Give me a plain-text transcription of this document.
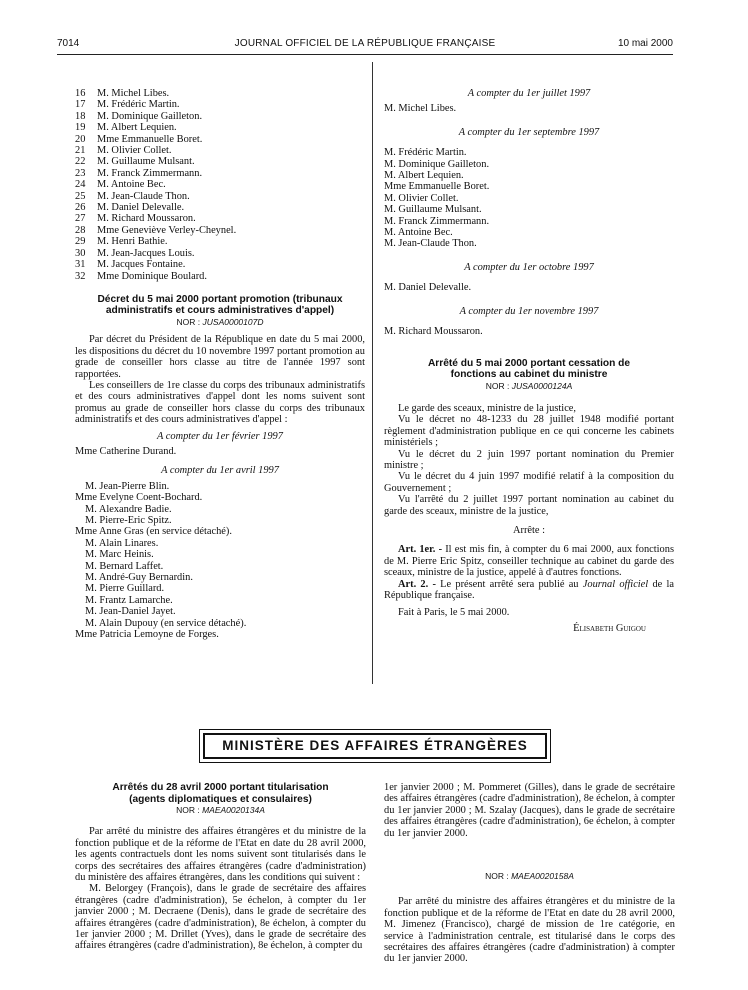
7014	JOURNAL OFFICIEL DE LA RÉPUBLIQUE FRANÇAISE	10 mai 2000
16 M. Michel Libes.
17 M. Frédéric Martin.
18 M. Dominique Gailleton.
19 M. Albert Lequien.
20 Mme Emmanuelle Boret.
21 M. Olivier Collet.
22 M. Guillaume Mulsant.
23 M. Franck Zimmermann.
24 M. Antoine Bec.
25 M. Jean-Claude Thon.
26 M. Daniel Delevalle.
27 M. Richard Moussaron.
28 Mme Geneviève Verley-Cheynel.
29 M. Henri Bathie.
30 M. Jean-Jacques Louis.
31 M. Jacques Fontaine.
32 Mme Dominique Boulard.

Décret du 5 mai 2000 portant promotion (tribunaux administratifs et cours administratives d'appel)

NOR : JUSA0000107D

Par décret du Président de la République en date du 5 mai 2000, les dispositions du décret du 10 novembre 1997 portant promotion au grade de conseiller hors classe au titre de l'année 1997 sont rapportées.

Les conseillers de 1re classe du corps des tribunaux administratifs et des cours administratives d'appel dont les noms suivent sont promus au grade de conseiller hors classe du corps des tribunaux administratifs et des cours administratives d'appel :

A compter du 1er février 1997

Mme Catherine Durand.

A compter du 1er avril 1997

M. Jean-Pierre Blin.

Mme Evelyne Coent-Bochard.

M. Alexandre Badie.

M. Pierre-Eric Spitz.

Mme Anne Gras (en service détaché).

M. Alain Linares.

M. Marc Heinis.

M. Bernard Laffet.

M. André-Guy Bernardin.

M. Pierre Guillard.

M. Frantz Lamarche.

M. Jean-Daniel Jayet.

M. Alain Dupouy (en service détaché).

Mme Patricia Lemoyne de Forges.

A compter du 1er juillet 1997

M. Michel Libes.

A compter du 1er septembre 1997

M. Frédéric Martin.

M. Dominique Gailleton.

M. Albert Lequien.

Mme Emmanuelle Boret.

M. Olivier Collet.

M. Guillaume Mulsant.

M. Franck Zimmermann.

M. Antoine Bec.

M. Jean-Claude Thon.

A compter du 1er octobre 1997

M. Daniel Delevalle.

A compter du 1er novembre 1997

M. Richard Moussaron.

Arrêté du 5 mai 2000 portant cessation de fonctions au cabinet du ministre

NOR : JUSA0000124A

Le garde des sceaux, ministre de la justice,

Vu le décret no 48-1233 du 28 juillet 1948 modifié portant règlement d'administration publique en ce qui concerne les cabinets ministériels ;

Vu le décret du 2 juin 1997 portant nomination du Premier ministre ;

Vu le décret du 4 juin 1997 modifié relatif à la composition du Gouvernement ;

Vu l'arrêté du 2 juillet 1997 portant nomination au cabinet du garde des sceaux, ministre de la justice,

Arrête :

Art. 1er. - Il est mis fin, à compter du 6 mai 2000, aux fonctions de M. Pierre Eric Spitz, conseiller technique au cabinet du garde des sceaux, ministre de la justice, appelé à d'autres fonctions.

Art. 2. - Le présent arrêté sera publié au Journal officiel de la République française.

Fait à Paris, le 5 mai 2000.

Élisabeth Guigou

MINISTÈRE DES AFFAIRES ÉTRANGÈRES

Arrêtés du 28 avril 2000 portant titularisation (agents diplomatiques et consulaires)

NOR : MAEA0020134A

Par arrêté du ministre des affaires étrangères et du ministre de la fonction publique et de la réforme de l'Etat en date du 28 avril 2000, les agents contractuels dont les noms suivent sont titularisés dans le corps des secrétaires des affaires étrangères (cadre d'administration) du ministère des affaires étrangères, dans les conditions qui suivent :

M. Belorgey (François), dans le grade de secrétaire des affaires étrangères (cadre d'administration), 5e échelon, à compter du 1er janvier 2000 ; M. Decraene (Denis), dans le grade de secrétaire des affaires étrangères (cadre d'administration), 8e échelon, à compter du 1er janvier 2000 ; M. Drillet (Yves), dans le grade de secrétaire des affaires étrangères (cadre d'administration), 8e échelon, à compter du

1er janvier 2000 ; M. Pommeret (Gilles), dans le grade de secrétaire des affaires étrangères (cadre d'administration), 8e échelon, à compter du 1er janvier 2000 ; M. Szalay (Jacques), dans le grade de secrétaire des affaires étrangères (cadre d'administration), 6e échelon, à compter du 1er janvier 2000.

NOR : MAEA0020158A

Par arrêté du ministre des affaires étrangères et du ministre de la fonction publique et de la réforme de l'Etat en date du 28 avril 2000, M. Jimenez (Francisco), chargé de mission de 1re catégorie, en service à l'administration centrale, est titularisé dans le corps des secrétaires des affaires étrangères (cadre d'administration) à compter du 1er janvier 2000.
